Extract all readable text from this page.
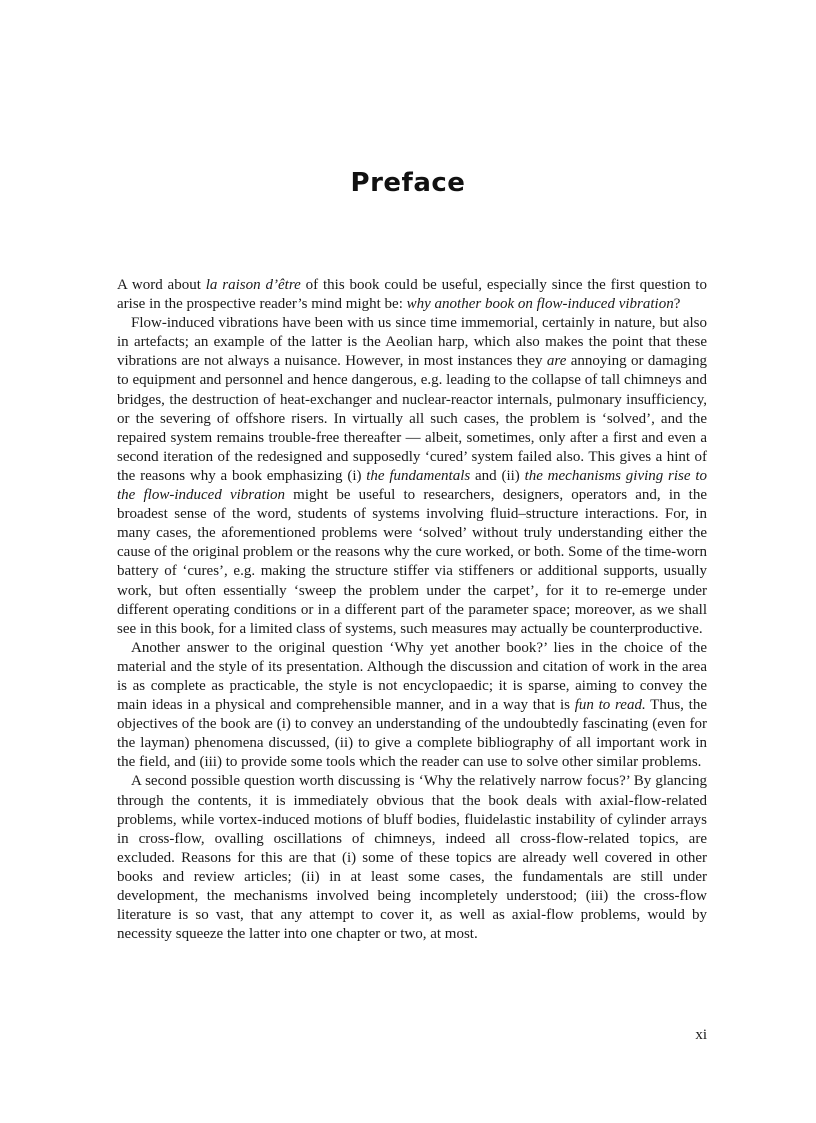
Preface

A word about la raison d’être of this book could be useful, especially since the first question to arise in the prospective reader’s mind might be: why another book on flow-induced vibration?

Flow-induced vibrations have been with us since time immemorial, certainly in nature, but also in artefacts; an example of the latter is the Aeolian harp, which also makes the point that these vibrations are not always a nuisance. However, in most instances they are annoying or damaging to equipment and personnel and hence dangerous, e.g. leading to the collapse of tall chimneys and bridges, the destruction of heat-exchanger and nuclear-reactor internals, pulmonary insufficiency, or the severing of offshore risers. In virtually all such cases, the problem is ‘solved’, and the repaired system remains trouble-free thereafter — albeit, sometimes, only after a first and even a second iteration of the redesigned and supposedly ‘cured’ system failed also. This gives a hint of the reasons why a book emphasizing (i) the fundamentals and (ii) the mechanisms giving rise to the flow-induced vibration might be useful to researchers, designers, operators and, in the broadest sense of the word, students of systems involving fluid–structure interactions. For, in many cases, the aforementioned problems were ‘solved’ without truly understanding either the cause of the original problem or the reasons why the cure worked, or both. Some of the time-worn battery of ‘cures’, e.g. making the structure stiffer via stiffeners or additional supports, usually work, but often essentially ‘sweep the problem under the carpet’, for it to re-emerge under different operating conditions or in a different part of the parameter space; moreover, as we shall see in this book, for a limited class of systems, such measures may actually be counterproductive.

Another answer to the original question ‘Why yet another book?’ lies in the choice of the material and the style of its presentation. Although the discussion and citation of work in the area is as complete as practicable, the style is not encyclopaedic; it is sparse, aiming to convey the main ideas in a physical and comprehensible manner, and in a way that is fun to read. Thus, the objectives of the book are (i) to convey an understanding of the undoubtedly fascinating (even for the layman) phenomena discussed, (ii) to give a complete bibliography of all important work in the field, and (iii) to provide some tools which the reader can use to solve other similar problems.

A second possible question worth discussing is ‘Why the relatively narrow focus?’ By glancing through the contents, it is immediately obvious that the book deals with axial-flow-related problems, while vortex-induced motions of bluff bodies, fluidelastic instability of cylinder arrays in cross-flow, ovalling oscillations of chimneys, indeed all cross-flow-related topics, are excluded. Reasons for this are that (i) some of these topics are already well covered in other books and review articles; (ii) in at least some cases, the fundamentals are still under development, the mechanisms involved being incompletely understood; (iii) the cross-flow literature is so vast, that any attempt to cover it, as well as axial-flow problems, would by necessity squeeze the latter into one chapter or two, at most.

xi
